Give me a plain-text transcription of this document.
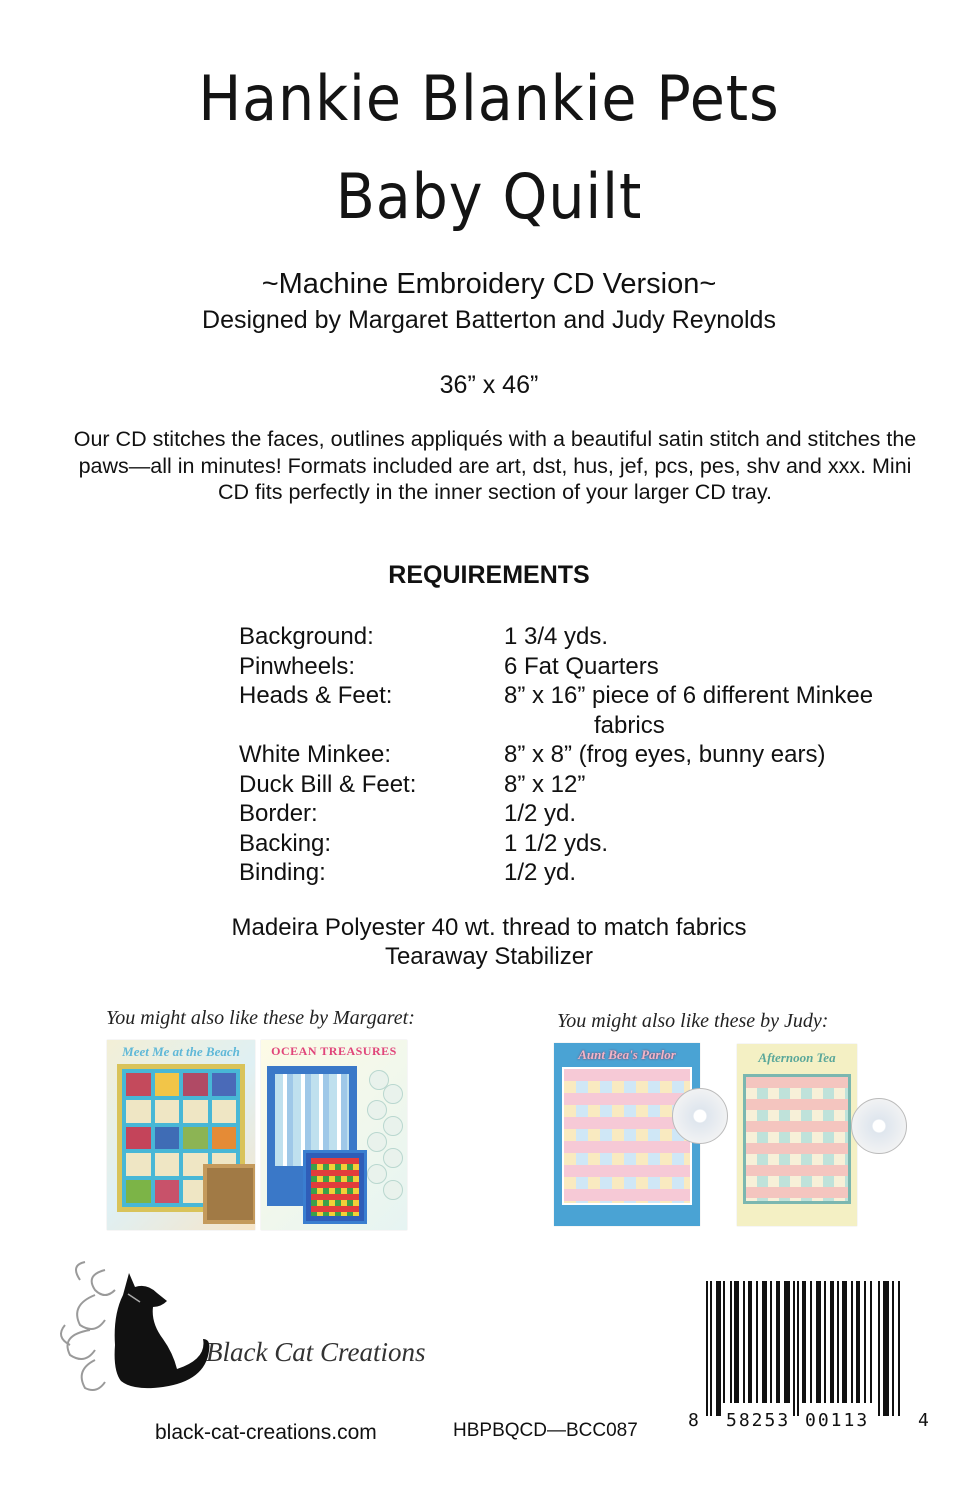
Hankie Blankie Pets
Baby Quilt
~Machine Embroidery CD Version~
Designed by Margaret Batterton and Judy Reynolds
36” x 46”
Our CD stitches the faces, outlines appliqués with a beautiful satin stitch and stitches the paws—all in minutes! Formats included are art, dst, hus, jef, pcs, pes, shv and xxx. Mini CD fits perfectly in the inner section of your larger CD tray.
REQUIREMENTS
Background:	1 3/4 yds.
Pinwheels:	6 Fat Quarters
Heads & Feet:	8” x 16” piece of 6 different Minkee
fabrics
White Minkee:	8” x 8” (frog eyes, bunny ears)
Duck Bill & Feet:	8” x 12”
Border:	1/2 yd.
Backing:	1 1/2 yds.
Binding:	1/2 yd.
Madeira Polyester 40 wt. thread to match fabrics
Tearaway Stabilizer
You might also like these by Margaret:
Meet Me at the Beach	OCEAN TREASURES
You might also like these by Judy:
Aunt Bea's Parlor	Afternoon Tea
Black Cat Creations
black-cat-creations.com	HBPBQCD—BCC087	8 58253 00113	4
